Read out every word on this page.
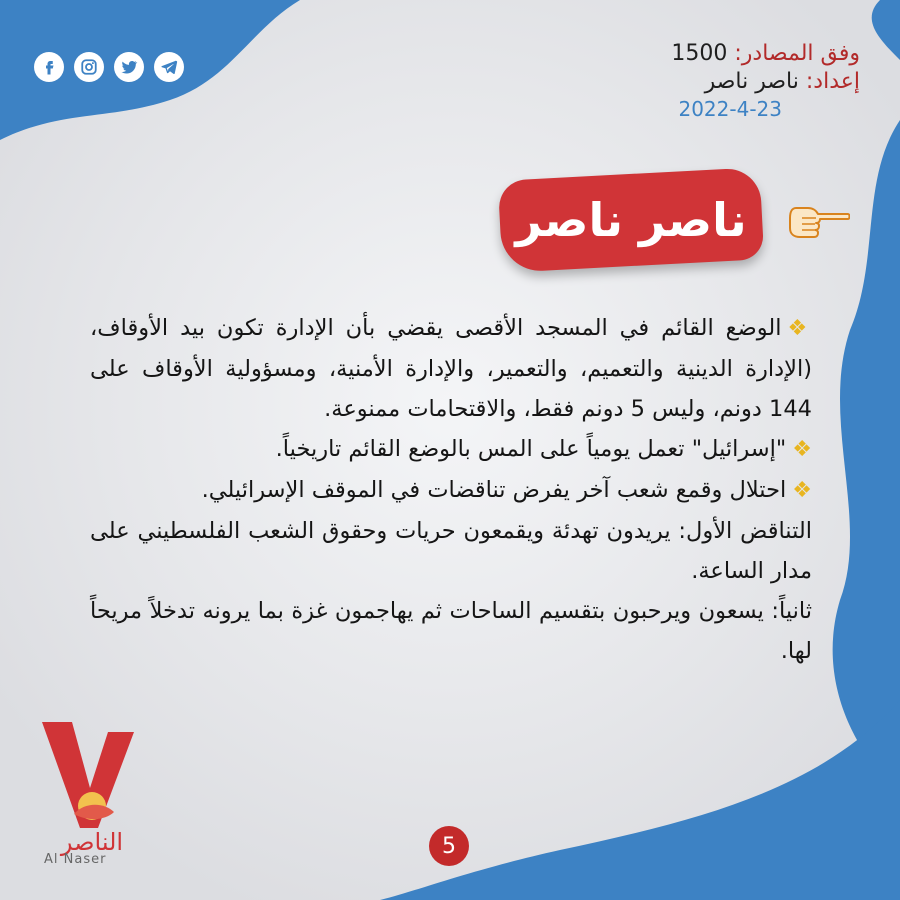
وفق المصادر: 1500
إعداد: ناصر ناصر
2022-4-23
ناصر ناصر

❖الوضع القائم في المسجد الأقصى يقضي بأن الإدارة تكون بيد الأوقاف، (الإدارة الدينية والتعميم، والتعمير، والإدارة الأمنية، ومسؤولية الأوقاف على 144 دونم، وليس 5 دونم فقط، والاقتحامات ممنوعة.

❖"إسرائيل" تعمل يومياً على المس بالوضع القائم تاريخياً.

❖احتلال وقمع شعب آخر يفرض تناقضات في الموقف الإسرائيلي.

التناقض الأول: يريدون تهدئة ويقمعون حريات وحقوق الشعب الفلسطيني على مدار الساعة.

ثانياً: يسعون ويرحبون بتقسيم الساحات ثم يهاجمون غزة بما يرونه تدخلاً مريحاً لها.

الناصر
Al Naser
5
